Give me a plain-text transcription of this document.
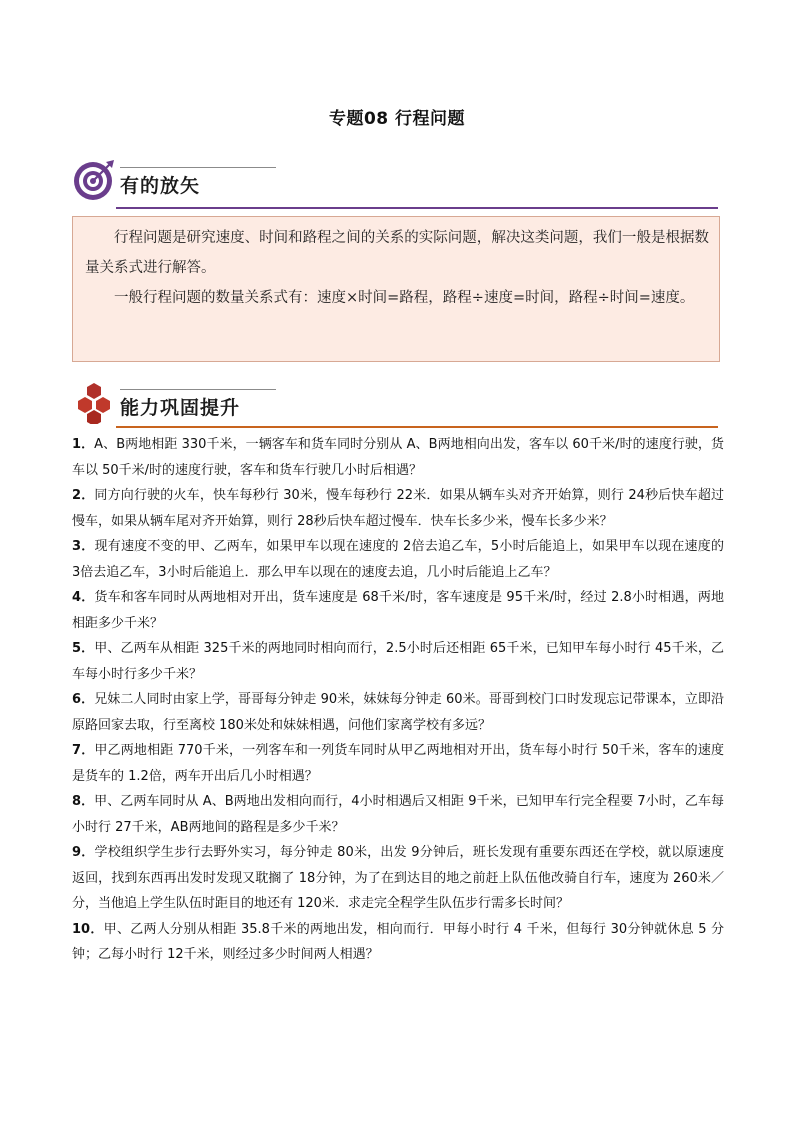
专题08 行程问题
有的放矢

行程问题是研究速度、时间和路程之间的关系的实际问题，解决这类问题，我们一般是根据数量关系式进行解答。

一般行程问题的数量关系式有：速度×时间=路程，路程÷速度=时间，路程÷时间=速度。

能力巩固提升

1．A、B两地相距 330千米，一辆客车和货车同时分别从 A、B两地相向出发，客车以 60千米/时的速度行驶，货车以 50千米/时的速度行驶，客车和货车行驶几小时后相遇？

2．同方向行驶的火车，快车每秒行 30米，慢车每秒行 22米．如果从辆车头对齐开始算，则行 24秒后快车超过慢车，如果从辆车尾对齐开始算，则行 28秒后快车超过慢车．快车长多少米，慢车长多少米？

3．现有速度不变的甲、乙两车，如果甲车以现在速度的 2倍去追乙车，5小时后能追上，如果甲车以现在速度的 3倍去追乙车，3小时后能追上．那么甲车以现在的速度去追，几小时后能追上乙车？

4．货车和客车同时从两地相对开出，货车速度是 68千米/时，客车速度是 95千米/时，经过 2.8小时相遇，两地相距多少千米？

5．甲、乙两车从相距 325千米的两地同时相向而行，2.5小时后还相距 65千米，已知甲车每小时行 45千米，乙车每小时行多少千米？

6．兄妹二人同时由家上学，哥哥每分钟走 90米，妹妹每分钟走 60米。哥哥到校门口时发现忘记带课本，立即沿原路回家去取，行至离校 180米处和妹妹相遇，问他们家离学校有多远？

7．甲乙两地相距 770千米，一列客车和一列货车同时从甲乙两地相对开出，货车每小时行 50千米，客车的速度是货车的 1.2倍，两车开出后几小时相遇？

8．甲、乙两车同时从 A、B两地出发相向而行，4小时相遇后又相距 9千米，已知甲车行完全程要 7小时，乙车每小时行 27千米，AB两地间的路程是多少千米？

9．学校组织学生步行去野外实习，每分钟走 80米，出发 9分钟后，班长发现有重要东西还在学校，就以原速度返回，找到东西再出发时发现又耽搁了 18分钟，为了在到达目的地之前赶上队伍他改骑自行车，速度为 260米／分，当他追上学生队伍时距目的地还有 120米．求走完全程学生队伍步行需多长时间？

10．甲、乙两人分别从相距 35.8千米的两地出发，相向而行．甲每小时行 4 千米，但每行 30分钟就休息 5 分钟；乙每小时行 12千米，则经过多少时间两人相遇？
